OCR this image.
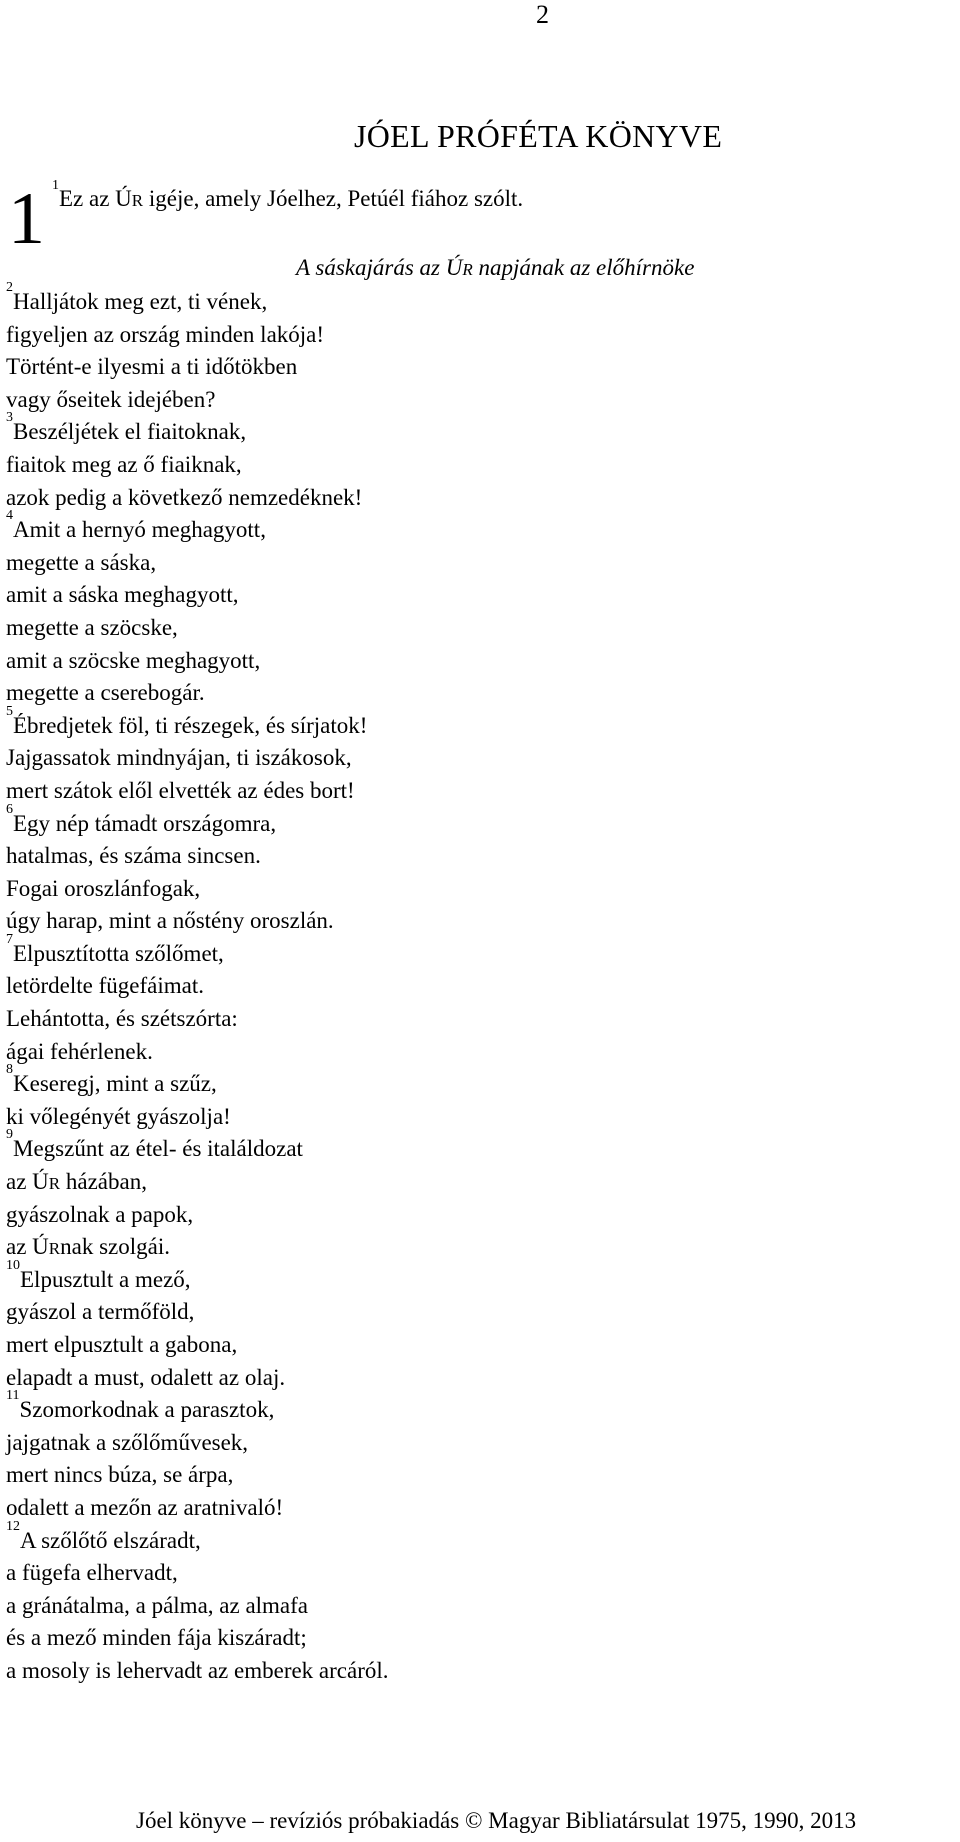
2
JÓEL PRÓFÉTA KÖNYVE
1 $^1$Ez az ÚR igéje, amely Jóelhez, Petúél fiához szólt.
A sáskajárás az ÚR napjának az előhírnöke
$^2$Halljátok meg ezt, ti vének,
figyeljen az ország minden lakója!
Történt-e ilyesmi a ti időtökben
vagy őseitek idejében?
$^3$Beszéljétek el fiaitoknak,
fiaitok meg az ő fiaiknak,
azok pedig a következő nemzedéknek!
$^4$Amit a hernyó meghagyott,
megette a sáska,
amit a sáska meghagyott,
megette a szöcske,
amit a szöcske meghagyott,
megette a cserebogár.
$^5$Ébredjetek föl, ti részegek, és sírjatok!
Jajgassatok mindnyájan, ti iszákosok,
mert szátok elől elvették az édes bort!
$^6$Egy nép támadt országomra,
hatalmas, és száma sincsen.
Fogai oroszlánfogak,
úgy harap, mint a nőstény oroszlán.
$^7$Elpusztította szőlőmet,
letördelte fügefáimat.
Lehántotta, és szétszórta:
ágai fehérlenek.
$^8$Keseregj, mint a szűz,
ki vőlegényét gyászolja!
$^9$Megszűnt az étel- és italáldozat
az ÚR házában,
gyászolnak a papok,
az ÚRnak szolgái.
$^{10}$Elpusztult a mező,
gyászol a termőföld,
mert elpusztult a gabona,
elapadt a must, odalett az olaj.
$^{11}$Szomorkodnak a parasztok,
jajgatnak a szőlőművesek,
mert nincs búza, se árpa,
odalett a mezőn az aratnivaló!
$^{12}$A szőlőtő elszáradt,
a fügefa elhervadt,
a gránátalma, a pálma, az almafa
és a mező minden fája kiszáradt;
a mosoly is lehervadt az emberek arcáról.
Jóel könyve – revíziós próbakiadás © Magyar Bibliatársulat 1975, 1990, 2013
